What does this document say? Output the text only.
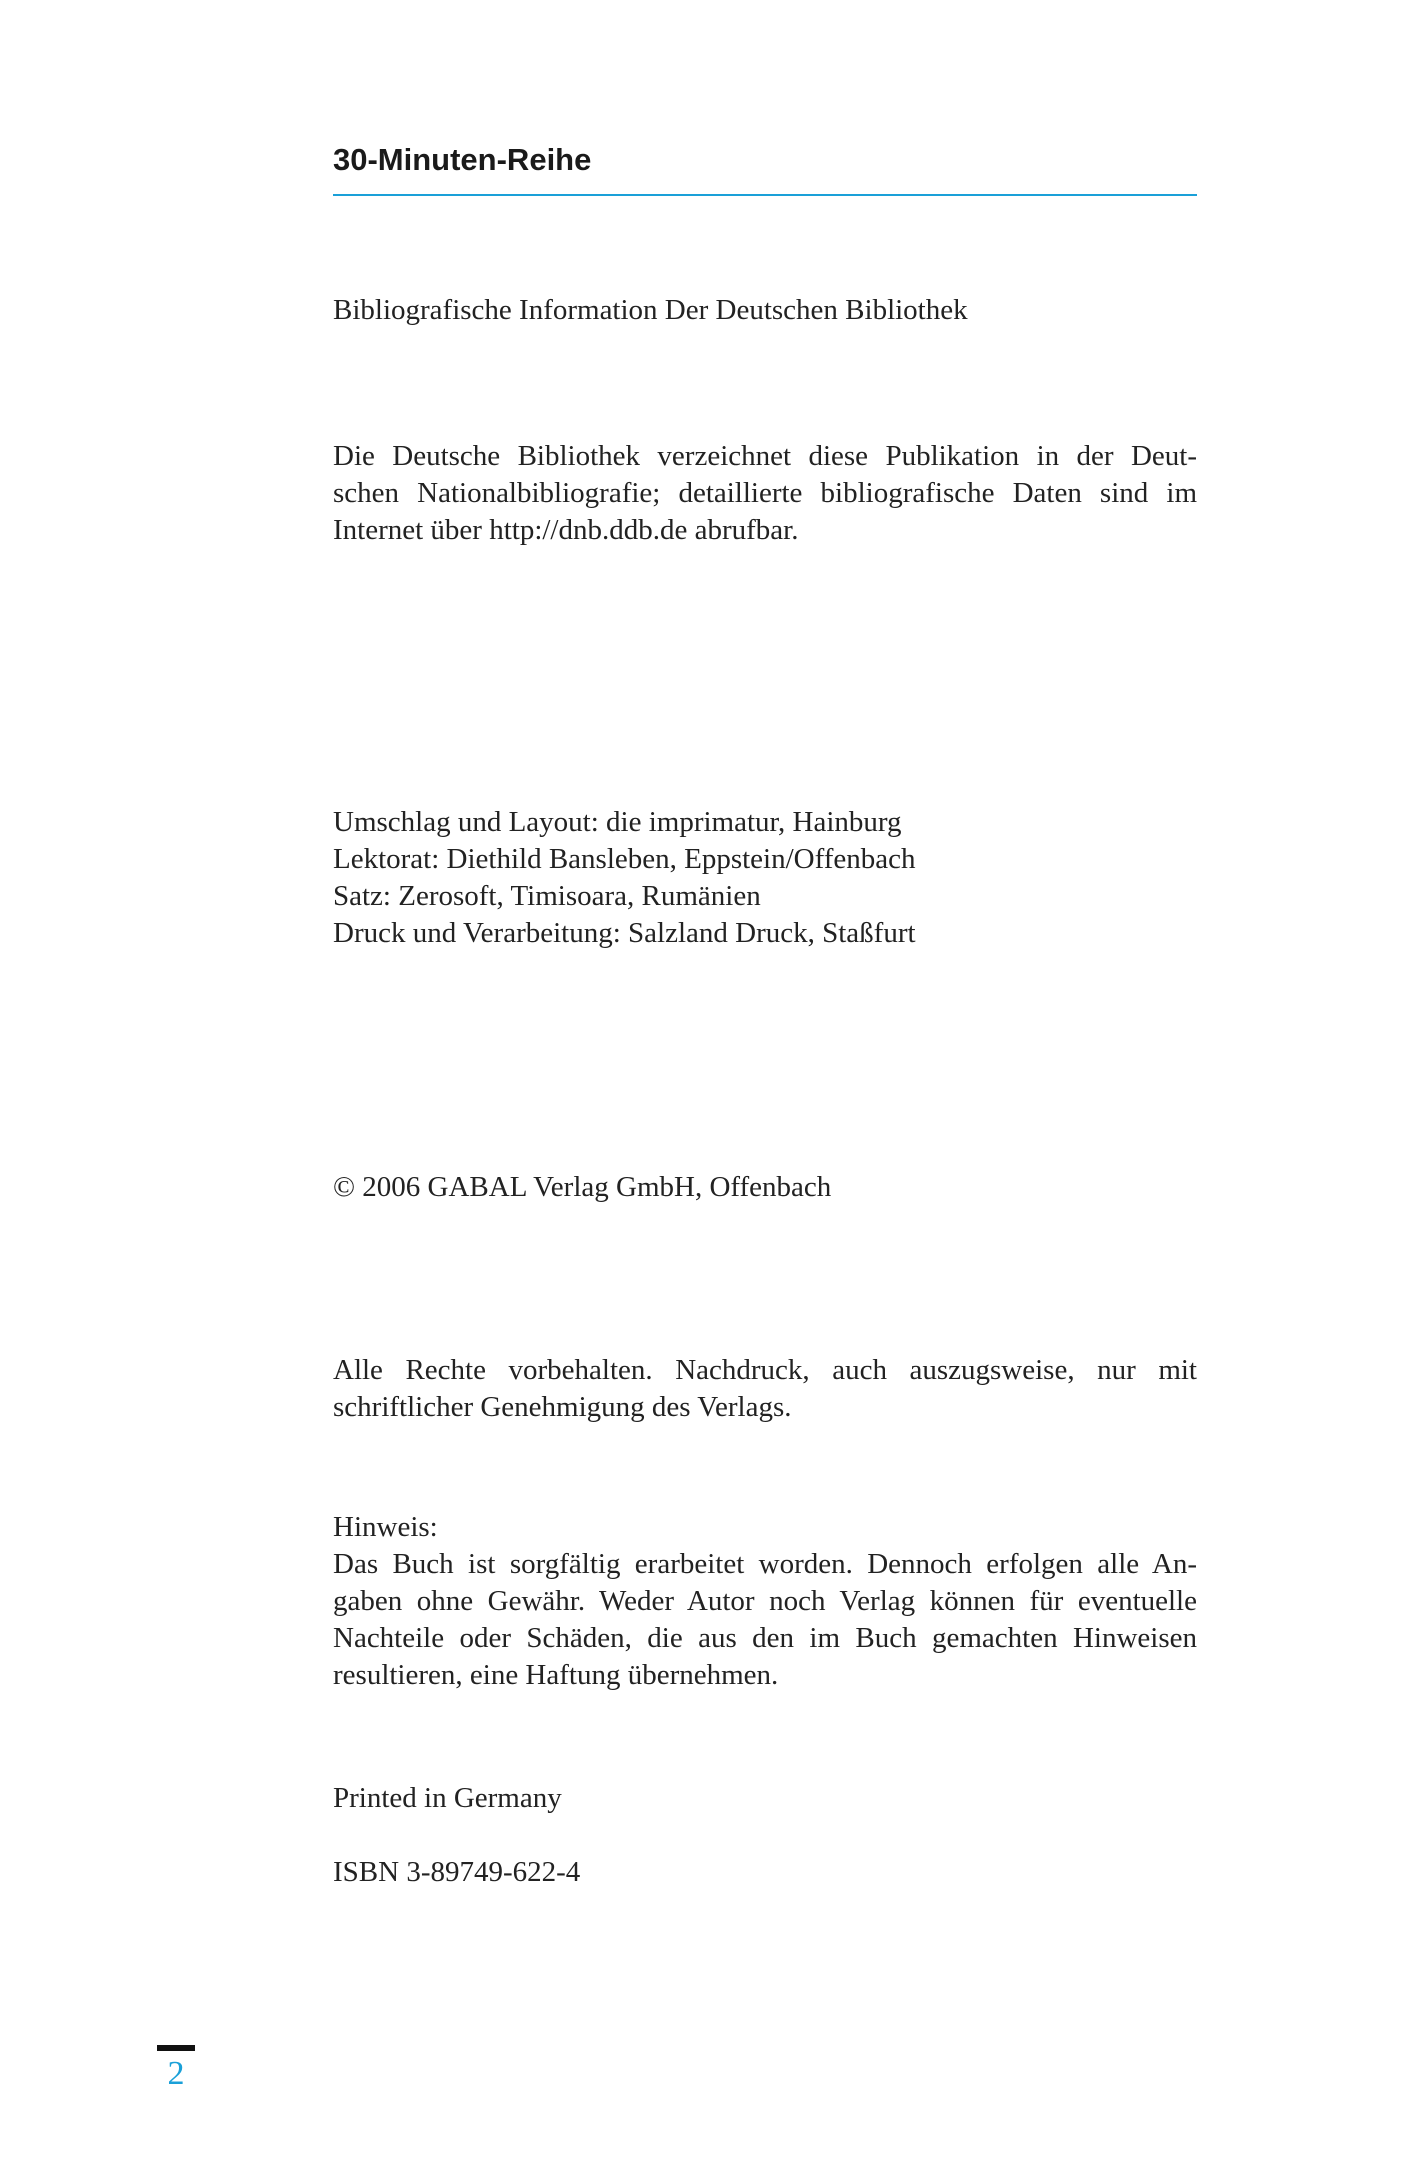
30-Minuten-Reihe
Bibliografische Information Der Deutschen Bibliothek
Die Deutsche Bibliothek verzeichnet diese Publikation in der Deut-
schen Nationalbibliografie; detaillierte bibliografische Daten sind im
Internet über http://dnb.ddb.de abrufbar.
Umschlag und Layout: die imprimatur, Hainburg
Lektorat: Diethild Bansleben, Eppstein/Offenbach
Satz: Zerosoft, Timisoara, Rumänien
Druck und Verarbeitung: Salzland Druck, Staßfurt
© 2006 GABAL Verlag GmbH, Offenbach
Alle Rechte vorbehalten. Nachdruck, auch auszugsweise, nur mit
schriftlicher Genehmigung des Verlags.
Hinweis:
Das Buch ist sorgfältig erarbeitet worden. Dennoch erfolgen alle An-
gaben ohne Gewähr. Weder Autor noch Verlag können für eventuelle
Nachteile oder Schäden, die aus den im Buch gemachten Hinweisen
resultieren, eine Haftung übernehmen.
Printed in Germany
ISBN 3-89749-622-4
2
